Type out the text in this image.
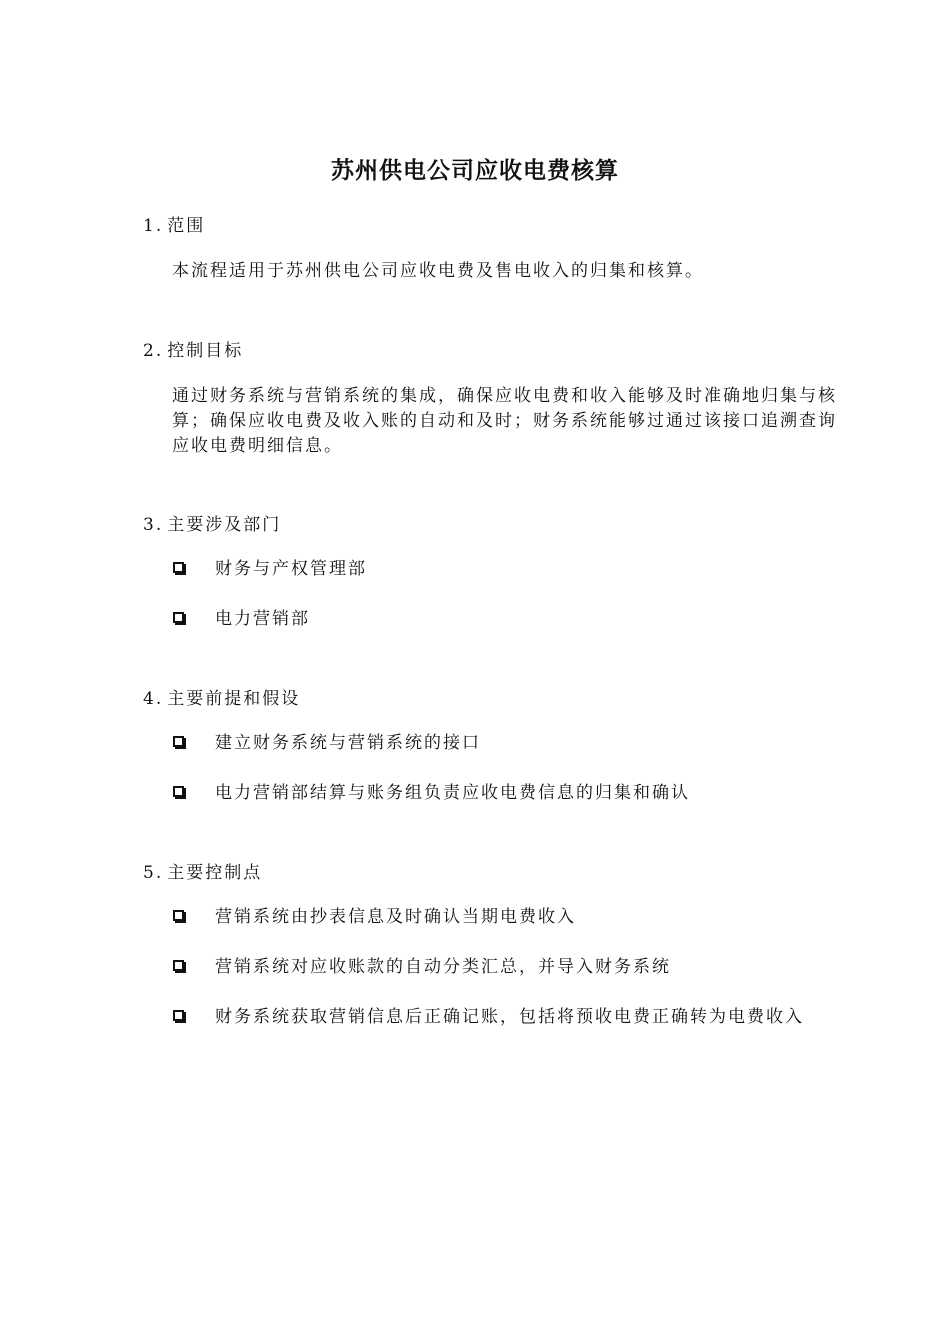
苏州供电公司应收电费核算
1. 范围
本流程适用于苏州供电公司应收电费及售电收入的归集和核算。
2. 控制目标
通过财务系统与营销系统的集成，确保应收电费和收入能够及时准确地归集与核算；确保应收电费及收入账的自动和及时；财务系统能够过通过该接口追溯查询应收电费明细信息。
3. 主要涉及部门
财务与产权管理部
电力营销部
4. 主要前提和假设
建立财务系统与营销系统的接口
电力营销部结算与账务组负责应收电费信息的归集和确认
5. 主要控制点
营销系统由抄表信息及时确认当期电费收入
营销系统对应收账款的自动分类汇总，并导入财务系统
财务系统获取营销信息后正确记账，包括将预收电费正确转为电费收入
